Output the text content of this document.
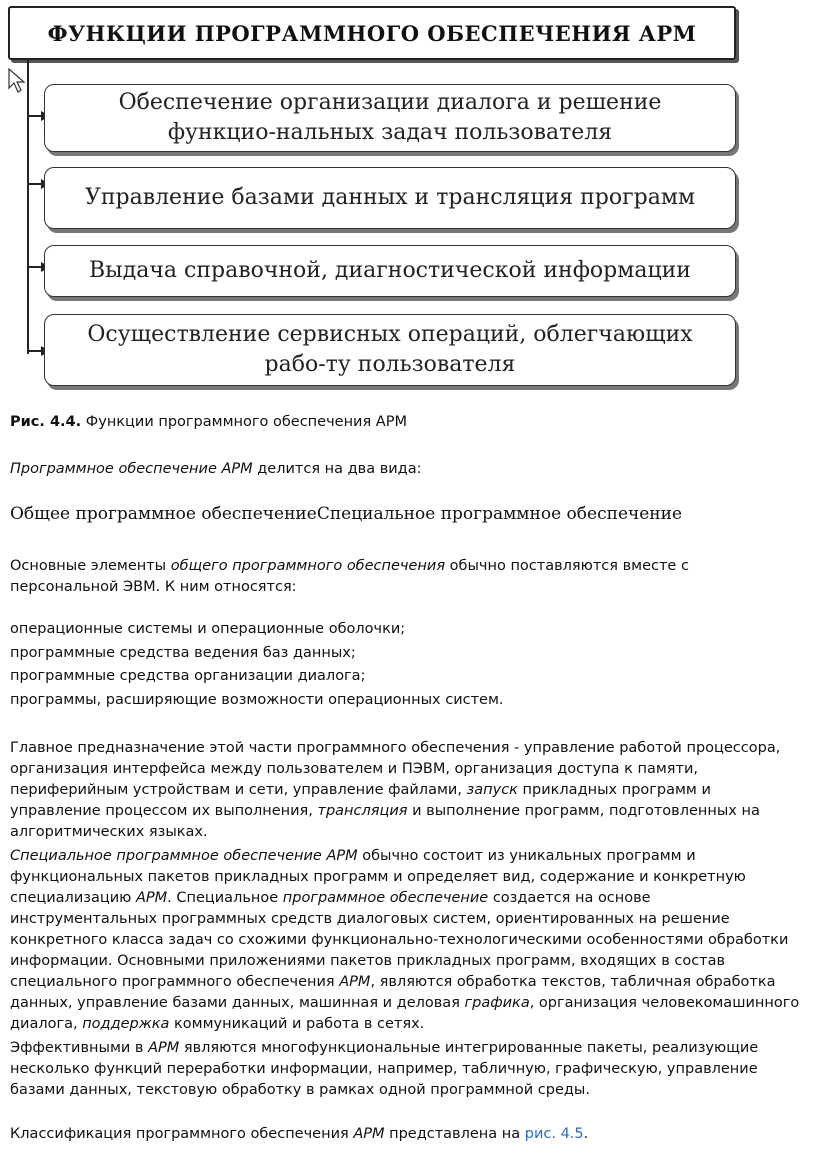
ФУНКЦИИ ПРОГРАММНОГО ОБЕСПЕЧЕНИЯ АРМ
Обеспечение организации диалога и решение функцио-нальных задач пользователя
Управление базами данных и трансляция программ
Выдача справочной, диагностической информации
Осуществление сервисных операций, облегчающих рабо-ту пользователя
Рис. 4.4. Функции программного обеспечения АРМ
Программное обеспечение АРМ делится на два вида:
Общее программное обеспечениеСпециальное программное обеспечение
Основные элементы общего программного обеспечения обычно поставляются вместе с персональной ЭВМ. К ним относятся:
операционные системы и операционные оболочки;
программные средства ведения баз данных;
программные средства организации диалога;
программы, расширяющие возможности операционных систем.
Главное предназначение этой части программного обеспечения - управление работой процессора, организация интерфейса между пользователем и ПЭВМ, организация доступа к памяти, периферийным устройствам и сети, управление файлами, запуск прикладных программ и управление процессом их выполнения, трансляция и выполнение программ, подготовленных на алгоритмических языках.
Специальное программное обеспечение АРМ обычно состоит из уникальных программ и функциональных пакетов прикладных программ и определяет вид, содержание и конкретную специализацию АРМ. Специальное программное обеспечение создается на основе инструментальных программных средств диалоговых систем, ориентированных на решение конкретного класса задач со схожими функционально-технологическими особенностями обработки информации. Основными приложениями пакетов прикладных программ, входящих в состав специального программного обеспечения АРМ, являются обработка текстов, табличная обработка данных, управление базами данных, машинная и деловая графика, организация человекомашинного диалога, поддержка коммуникаций и работа в сетях.
Эффективными в АРМ являются многофункциональные интегрированные пакеты, реализующие несколько функций переработки информации, например, табличную, графическую, управление базами данных, текстовую обработку в рамках одной программной среды.
Классификация программного обеспечения АРМ представлена на рис. 4.5.
